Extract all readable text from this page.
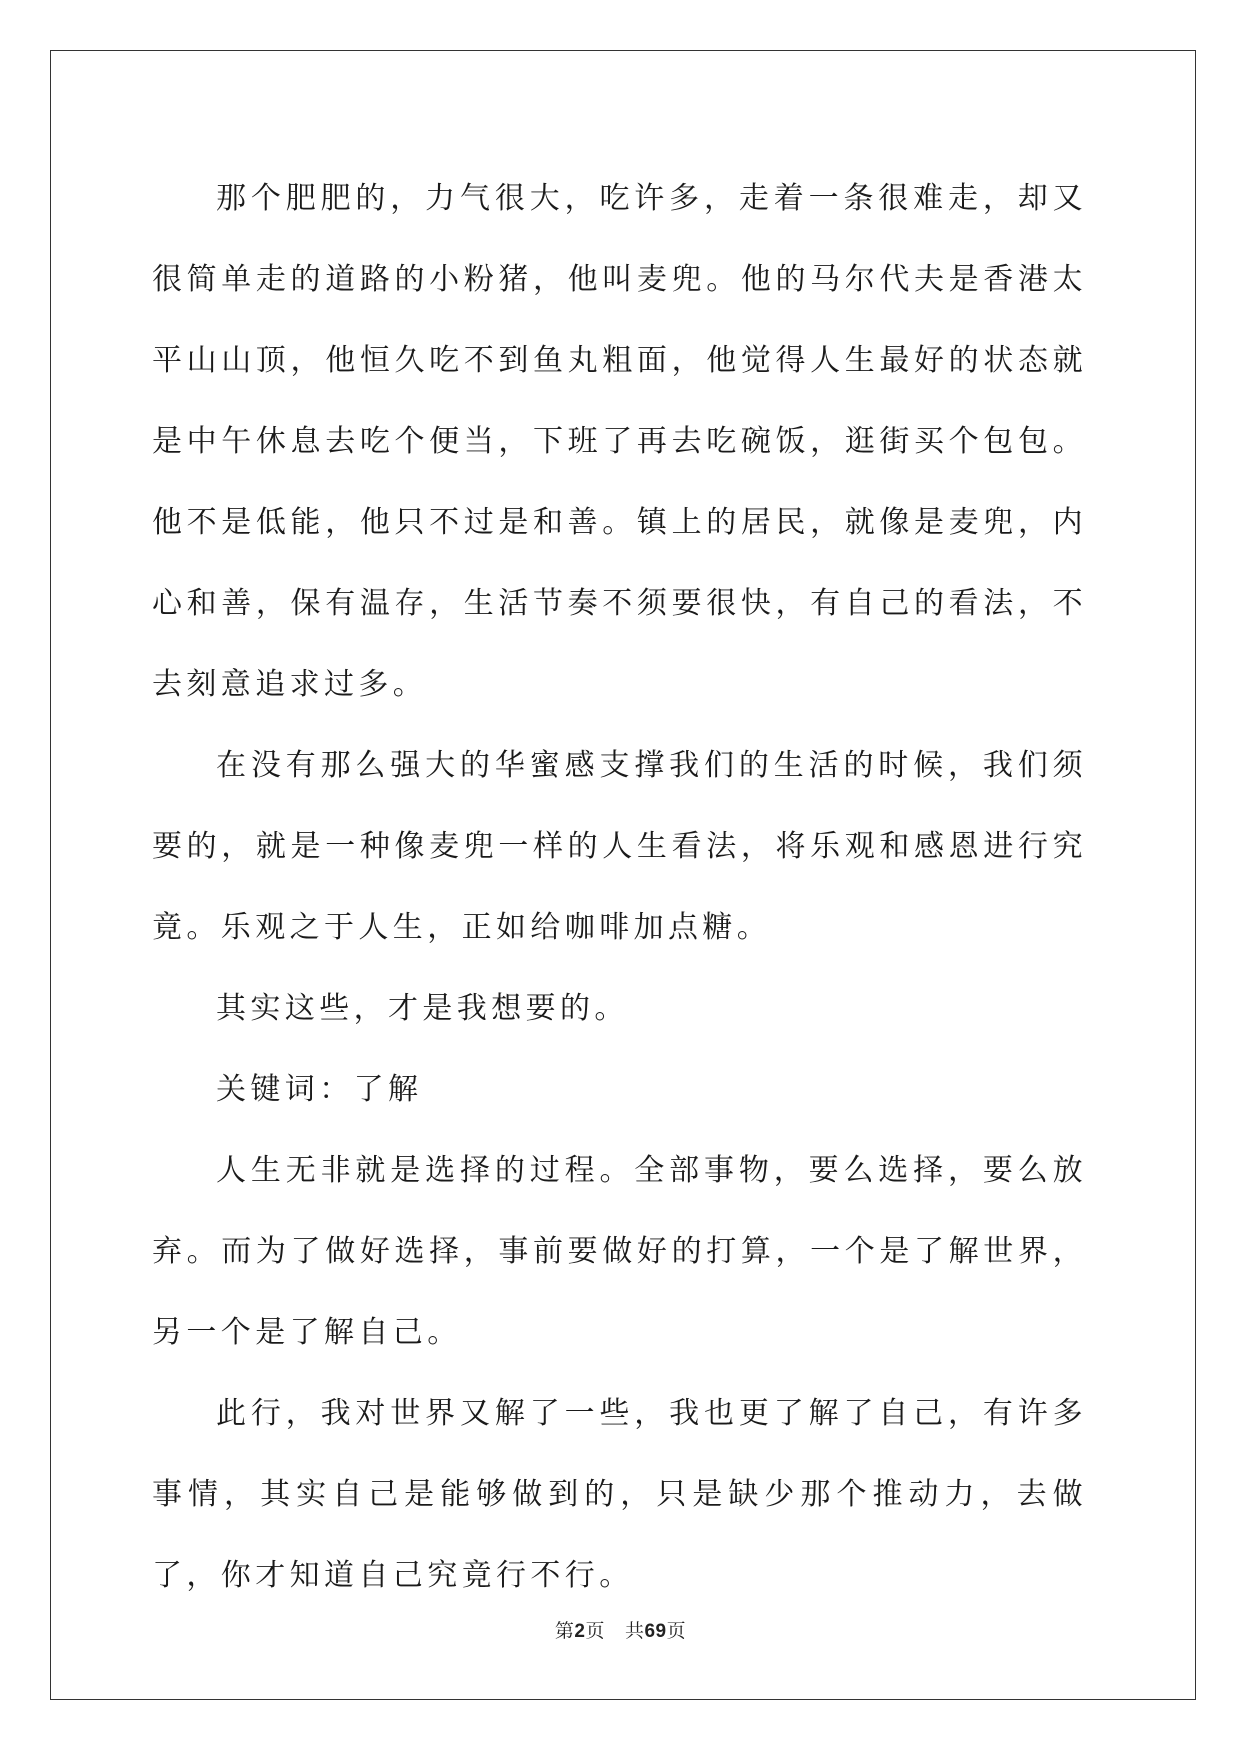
那个肥肥的，力气很大，吃许多，走着一条很难走，却又很简单走的道路的小粉猪，他叫麦兜。他的马尔代夫是香港太平山山顶，他恒久吃不到鱼丸粗面，他觉得人生最好的状态就是中午休息去吃个便当，下班了再去吃碗饭，逛街买个包包。他不是低能，他只不过是和善。镇上的居民，就像是麦兜，内心和善，保有温存，生活节奏不须要很快，有自己的看法，不去刻意追求过多。

在没有那么强大的华蜜感支撑我们的生活的时候，我们须要的，就是一种像麦兜一样的人生看法，将乐观和感恩进行究竟。乐观之于人生，正如给咖啡加点糖。

其实这些，才是我想要的。

关键词：了解

人生无非就是选择的过程。全部事物，要么选择，要么放弃。而为了做好选择，事前要做好的打算，一个是了解世界，另一个是了解自己。

此行，我对世界又解了一些，我也更了解了自己，有许多事情，其实自己是能够做到的，只是缺少那个推动力，去做了，你才知道自己究竟行不行。

第2页 共69页
